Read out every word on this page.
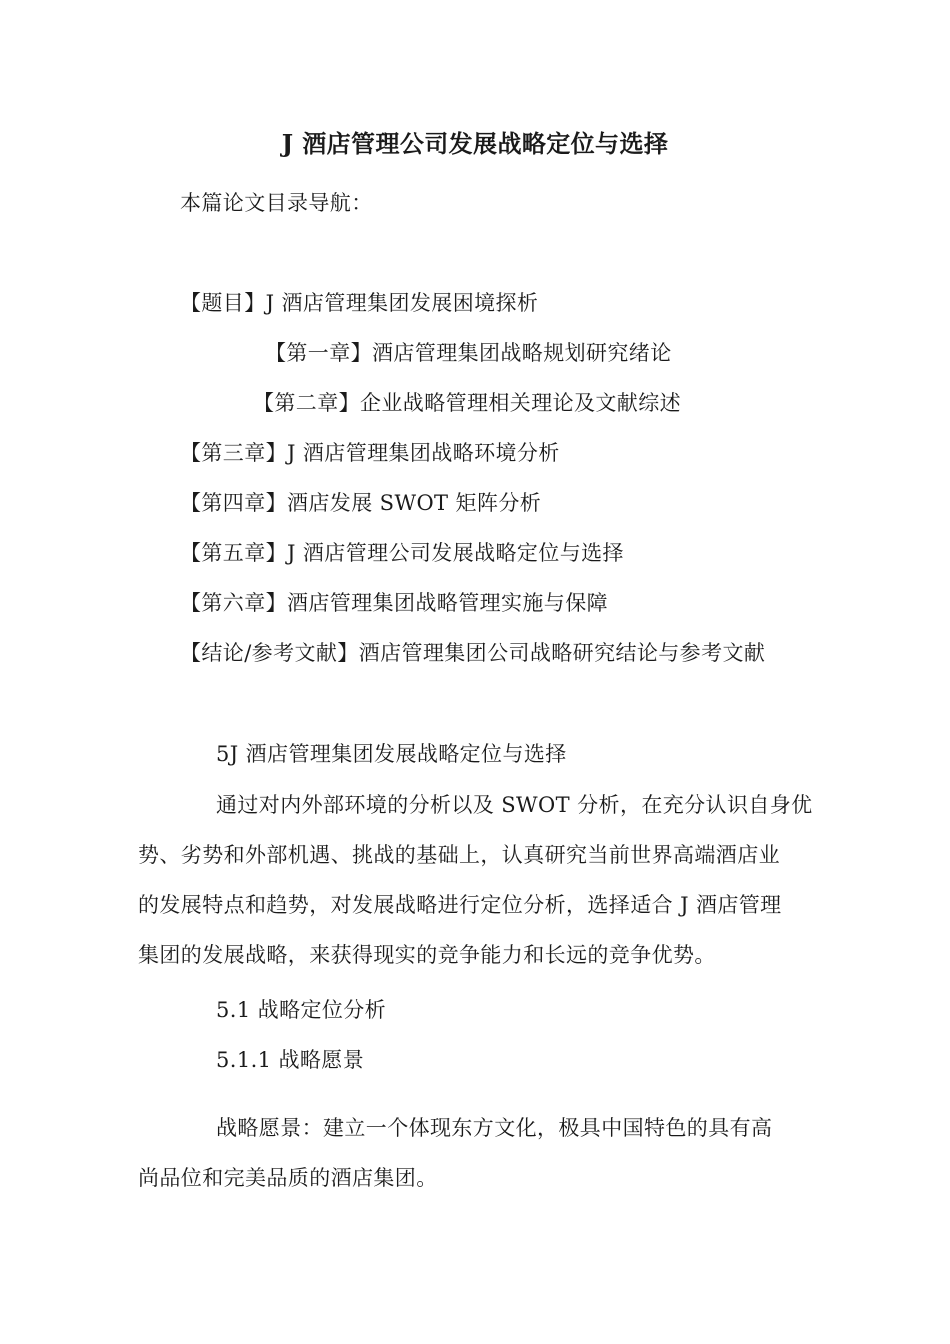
J 酒店管理公司发展战略定位与选择

本篇论文目录导航：

【题目】J 酒店管理集团发展困境探析

【第一章】酒店管理集团战略规划研究绪论

【第二章】企业战略管理相关理论及文献综述

【第三章】J 酒店管理集团战略环境分析

【第四章】酒店发展 SWOT 矩阵分析

【第五章】J 酒店管理公司发展战略定位与选择

【第六章】酒店管理集团战略管理实施与保障

【结论/参考文献】酒店管理集团公司战略研究结论与参考文献

5J 酒店管理集团发展战略定位与选择

通过对内外部环境的分析以及 SWOT 分析，在充分认识自身优

势、劣势和外部机遇、挑战的基础上，认真研究当前世界高端酒店业

的发展特点和趋势，对发展战略进行定位分析，选择适合 J 酒店管理

集团的发展战略，来获得现实的竞争能力和长远的竞争优势。

5.1 战略定位分析
5.1.1 战略愿景

战略愿景：建立一个体现东方文化，极具中国特色的具有高

尚品位和完美品质的酒店集团。
